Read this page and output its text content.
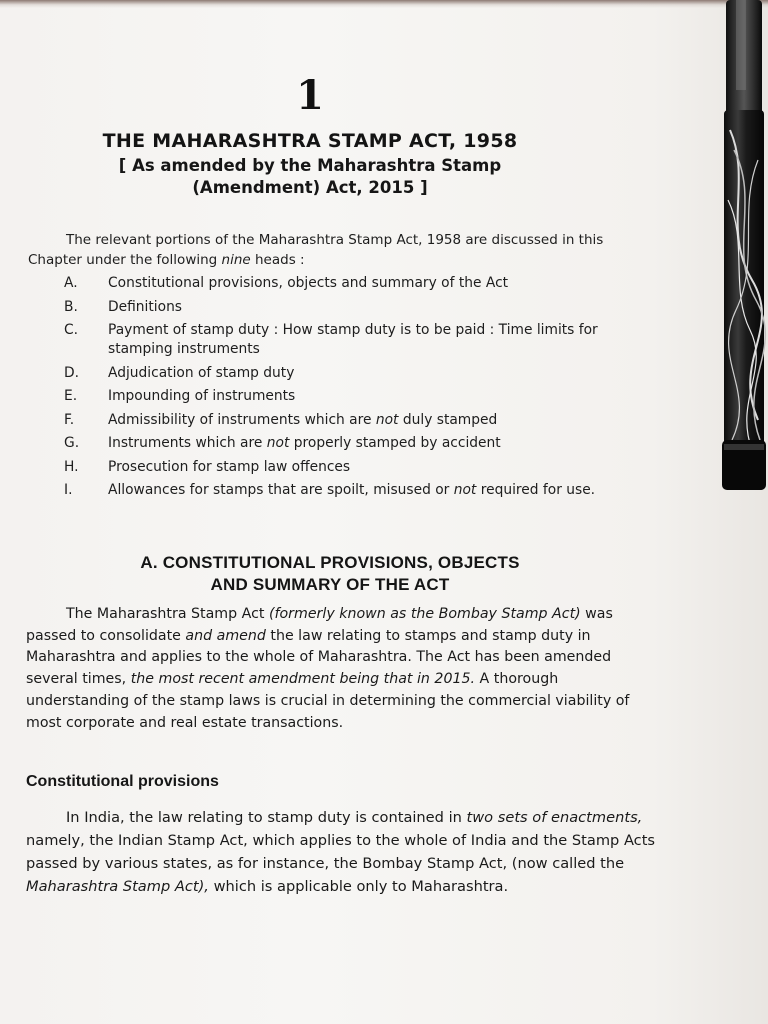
1
THE MAHARASHTRA STAMP ACT, 1958
[ As amended by the Maharashtra Stamp
(Amendment) Act, 2015 ]
The relevant portions of the Maharashtra Stamp Act, 1958 are discussed in this Chapter under the following nine heads :
A. Constitutional provisions, objects and summary of the Act
B. Definitions
C. Payment of stamp duty : How stamp duty is to be paid : Time limits for stamping instruments
D. Adjudication of stamp duty
E. Impounding of instruments
F. Admissibility of instruments which are not duly stamped
G. Instruments which are not properly stamped by accident
H. Prosecution for stamp law offences
I.	Allowances for stamps that are spoilt, misused or not required for use.
A. CONSTITUTIONAL PROVISIONS, OBJECTS
AND SUMMARY OF THE ACT
The Maharashtra Stamp Act (formerly known as the Bombay Stamp Act) was passed to consolidate and amend the law relating to stamps and stamp duty in Maharashtra and applies to the whole of Maharashtra. The Act has been amended several times, the most recent amendment being that in 2015. A thorough understanding of the stamp laws is crucial in determining the commercial viability of most corporate and real estate transactions.
Constitutional provisions
In India, the law relating to stamp duty is contained in two sets of enactments, namely, the Indian Stamp Act, which applies to the whole of India and the Stamp Acts passed by various states, as for instance, the Bombay Stamp Act, (now called the Maharashtra Stamp Act), which is applicable only to Maharashtra.
